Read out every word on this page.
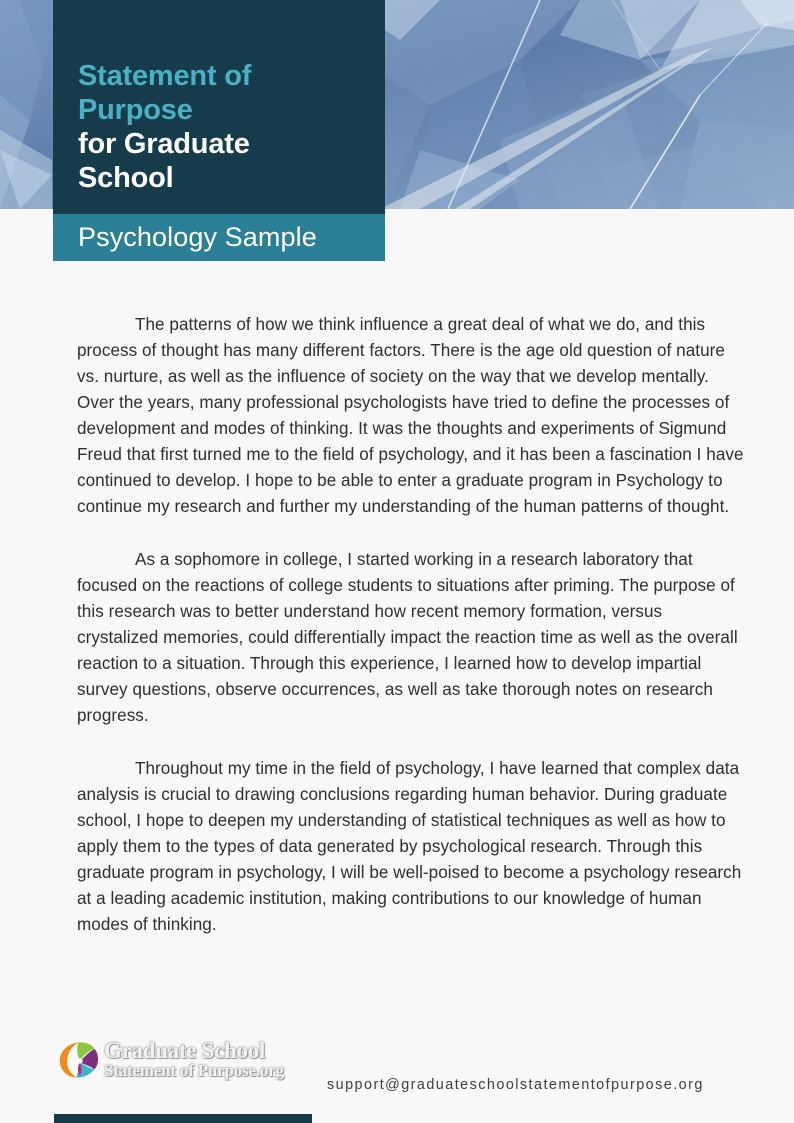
Statement of
Purpose
for Graduate
School
Psychology Sample

The patterns of how we think influence a great deal of what we do, and this process of thought has many different factors. There is the age old question of nature vs. nurture, as well as the influence of society on the way that we develop mentally. Over the years, many professional psychologists have tried to define the processes of development and modes of thinking. It was the thoughts and experiments of Sigmund Freud that first turned me to the field of psychology, and it has been a fascination I have continued to develop. I hope to be able to enter a graduate program in Psychology to continue my research and further my understanding of the human patterns of thought.

As a sophomore in college, I started working in a research laboratory that focused on the reactions of college students to situations after priming. The purpose of this research was to better understand how recent memory formation, versus crystalized memories, could differentially impact the reaction time as well as the overall reaction to a situation. Through this experience, I learned how to develop impartial survey questions, observe occurrences, as well as take thorough notes on research progress.

Throughout my time in the field of psychology, I have learned that complex data analysis is crucial to drawing conclusions regarding human behavior. During graduate school, I hope to deepen my understanding of statistical techniques as well as how to apply them to the types of data generated by psychological research. Through this graduate program in psychology, I will be well-poised to become a psychology research at a leading academic institution, making contributions to our knowledge of human modes of thinking.

Graduate School
Statement of Purpose.org
support@graduateschoolstatementofpurpose.org
